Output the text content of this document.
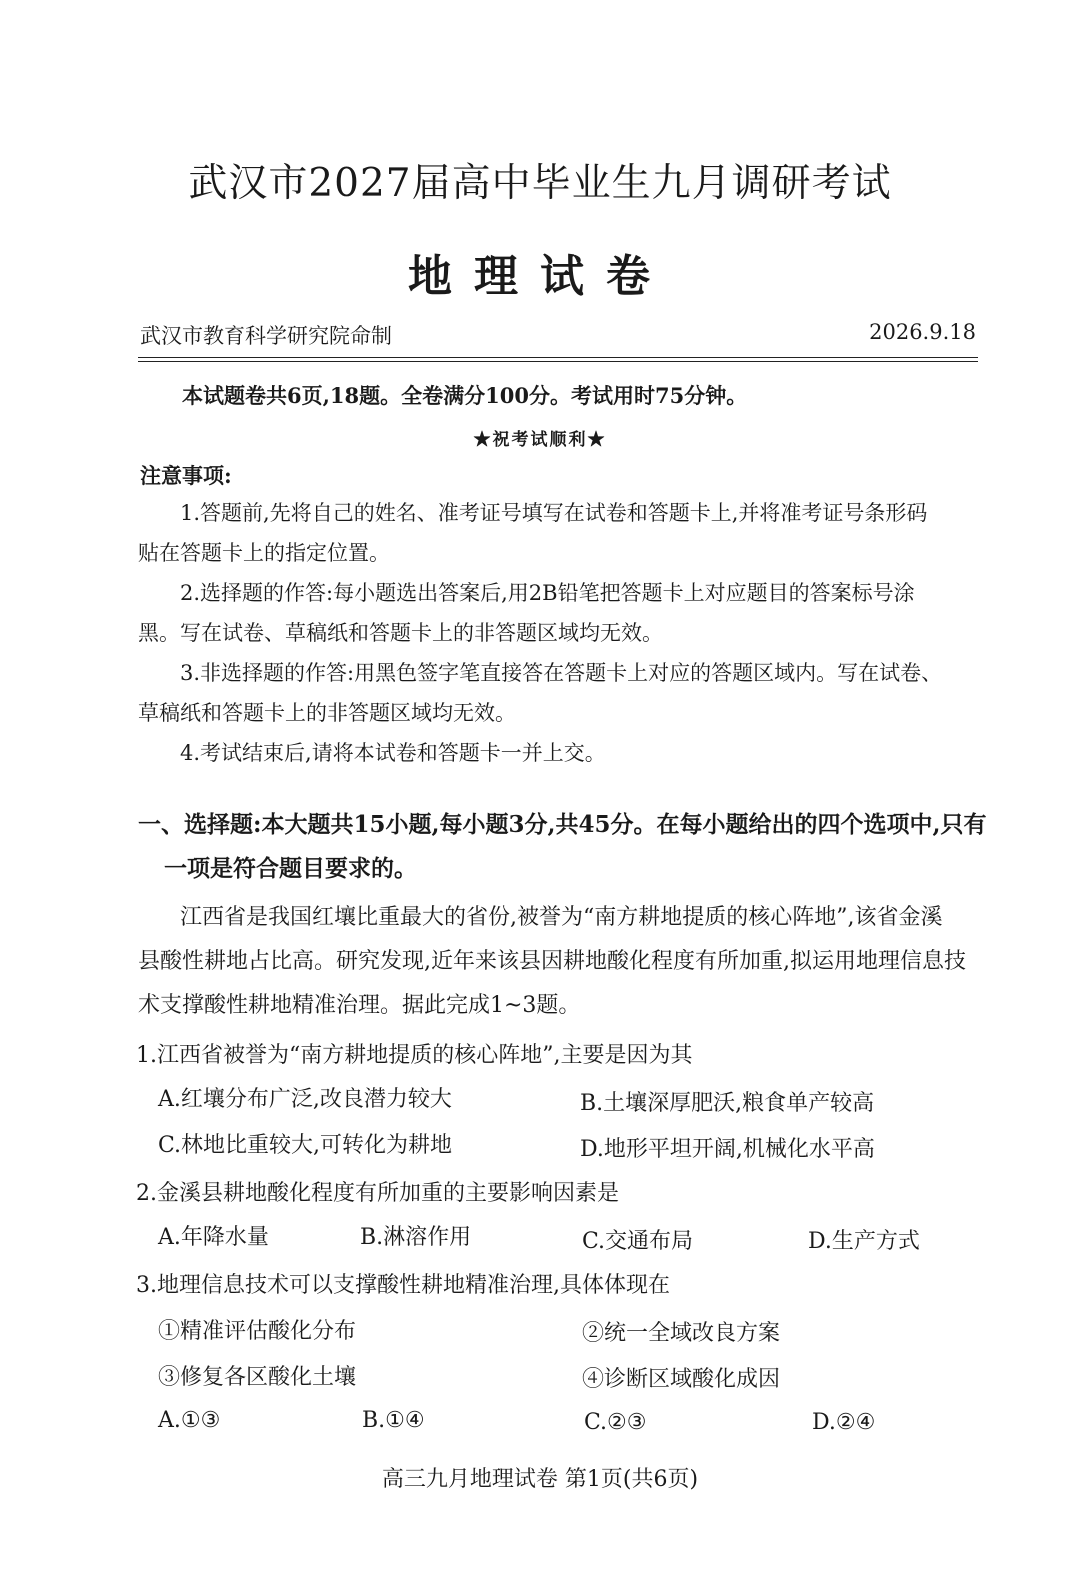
武汉市2027届高中毕业生九月调研考试
地理试卷
武汉市教育科学研究院命制	2026.9.18
本试题卷共6页,18题。全卷满分100分。考试用时75分钟。
★祝考试顺利★
注意事项:
1.答题前,先将自己的姓名、准考证号填写在试卷和答题卡上,并将准考证号条形码
贴在答题卡上的指定位置。
2.选择题的作答:每小题选出答案后,用2B铅笔把答题卡上对应题目的答案标号涂
黑。写在试卷、草稿纸和答题卡上的非答题区域均无效。
3.非选择题的作答:用黑色签字笔直接答在答题卡上对应的答题区域内。写在试卷、
草稿纸和答题卡上的非答题区域均无效。
4.考试结束后,请将本试卷和答题卡一并上交。
一、选择题:本大题共15小题,每小题3分,共45分。在每小题给出的四个选项中,只有
一项是符合题目要求的。
江西省是我国红壤比重最大的省份,被誉为“南方耕地提质的核心阵地”,该省金溪
县酸性耕地占比高。研究发现,近年来该县因耕地酸化程度有所加重,拟运用地理信息技
术支撑酸性耕地精准治理。据此完成1~3题。
1.江西省被誉为“南方耕地提质的核心阵地”,主要是因为其
A.红壤分布广泛,改良潜力较大	B.土壤深厚肥沃,粮食单产较高
C.林地比重较大,可转化为耕地	D.地形平坦开阔,机械化水平高
2.金溪县耕地酸化程度有所加重的主要影响因素是
A.年降水量	B.淋溶作用	C.交通布局	D.生产方式
3.地理信息技术可以支撑酸性耕地精准治理,具体体现在
①精准评估酸化分布	②统一全域改良方案
③修复各区酸化土壤	④诊断区域酸化成因
A.①③	B.①④	C.②③	D.②④
高三九月地理试卷 第1页(共6页)
